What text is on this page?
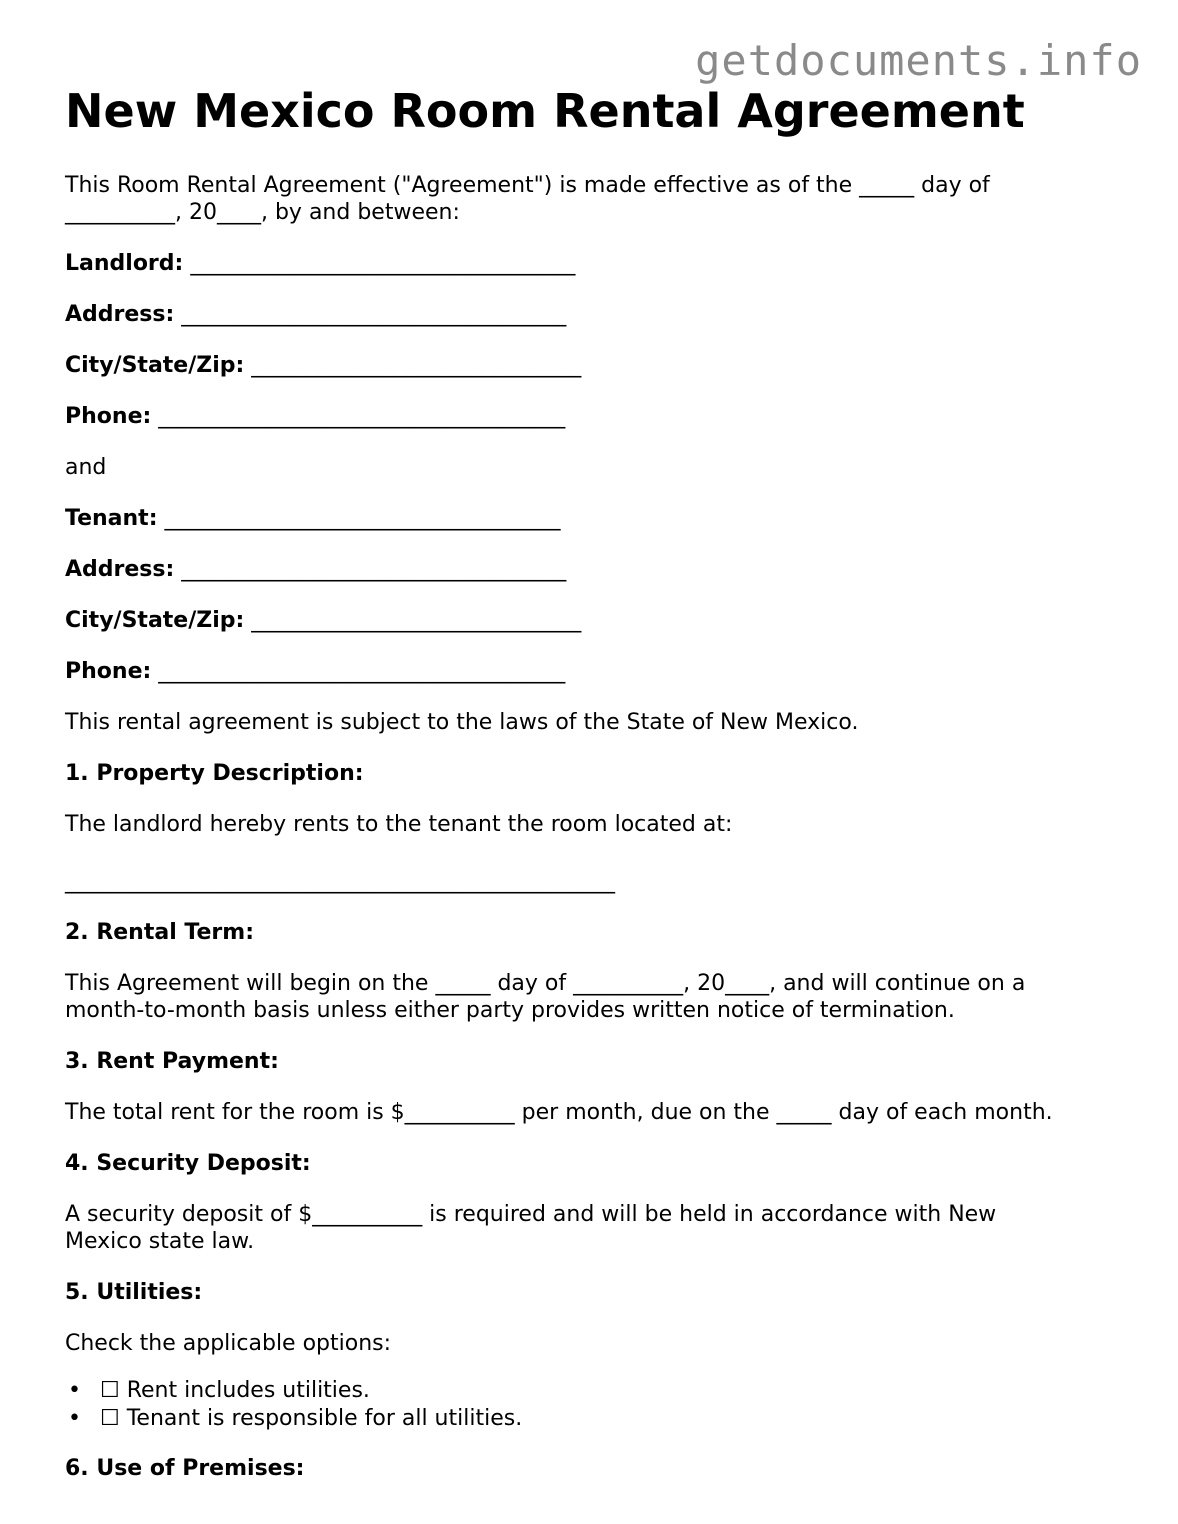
getdocuments.info
New Mexico Room Rental Agreement

This Room Rental Agreement ("Agreement") is made effective as of the _____ day of
__________, 20____, by and between:

Landlord: ___________________________________

Address: ___________________________________

City/State/Zip: ______________________________

Phone: _____________________________________

and

Tenant: ____________________________________

Address: ___________________________________

City/State/Zip: ______________________________

Phone: _____________________________________

This rental agreement is subject to the laws of the State of New Mexico.

1. Property Description:

The landlord hereby rents to the tenant the room located at:

__________________________________________________

2. Rental Term:

This Agreement will begin on the _____ day of __________, 20____, and will continue on a
month-to-month basis unless either party provides written notice of termination.

3. Rent Payment:

The total rent for the room is $__________ per month, due on the _____ day of each month.

4. Security Deposit:

A security deposit of $__________ is required and will be held in accordance with New
Mexico state law.

5. Utilities:

Check the applicable options:

• ☐ Rent includes utilities.
• ☐ Tenant is responsible for all utilities.

6. Use of Premises:
